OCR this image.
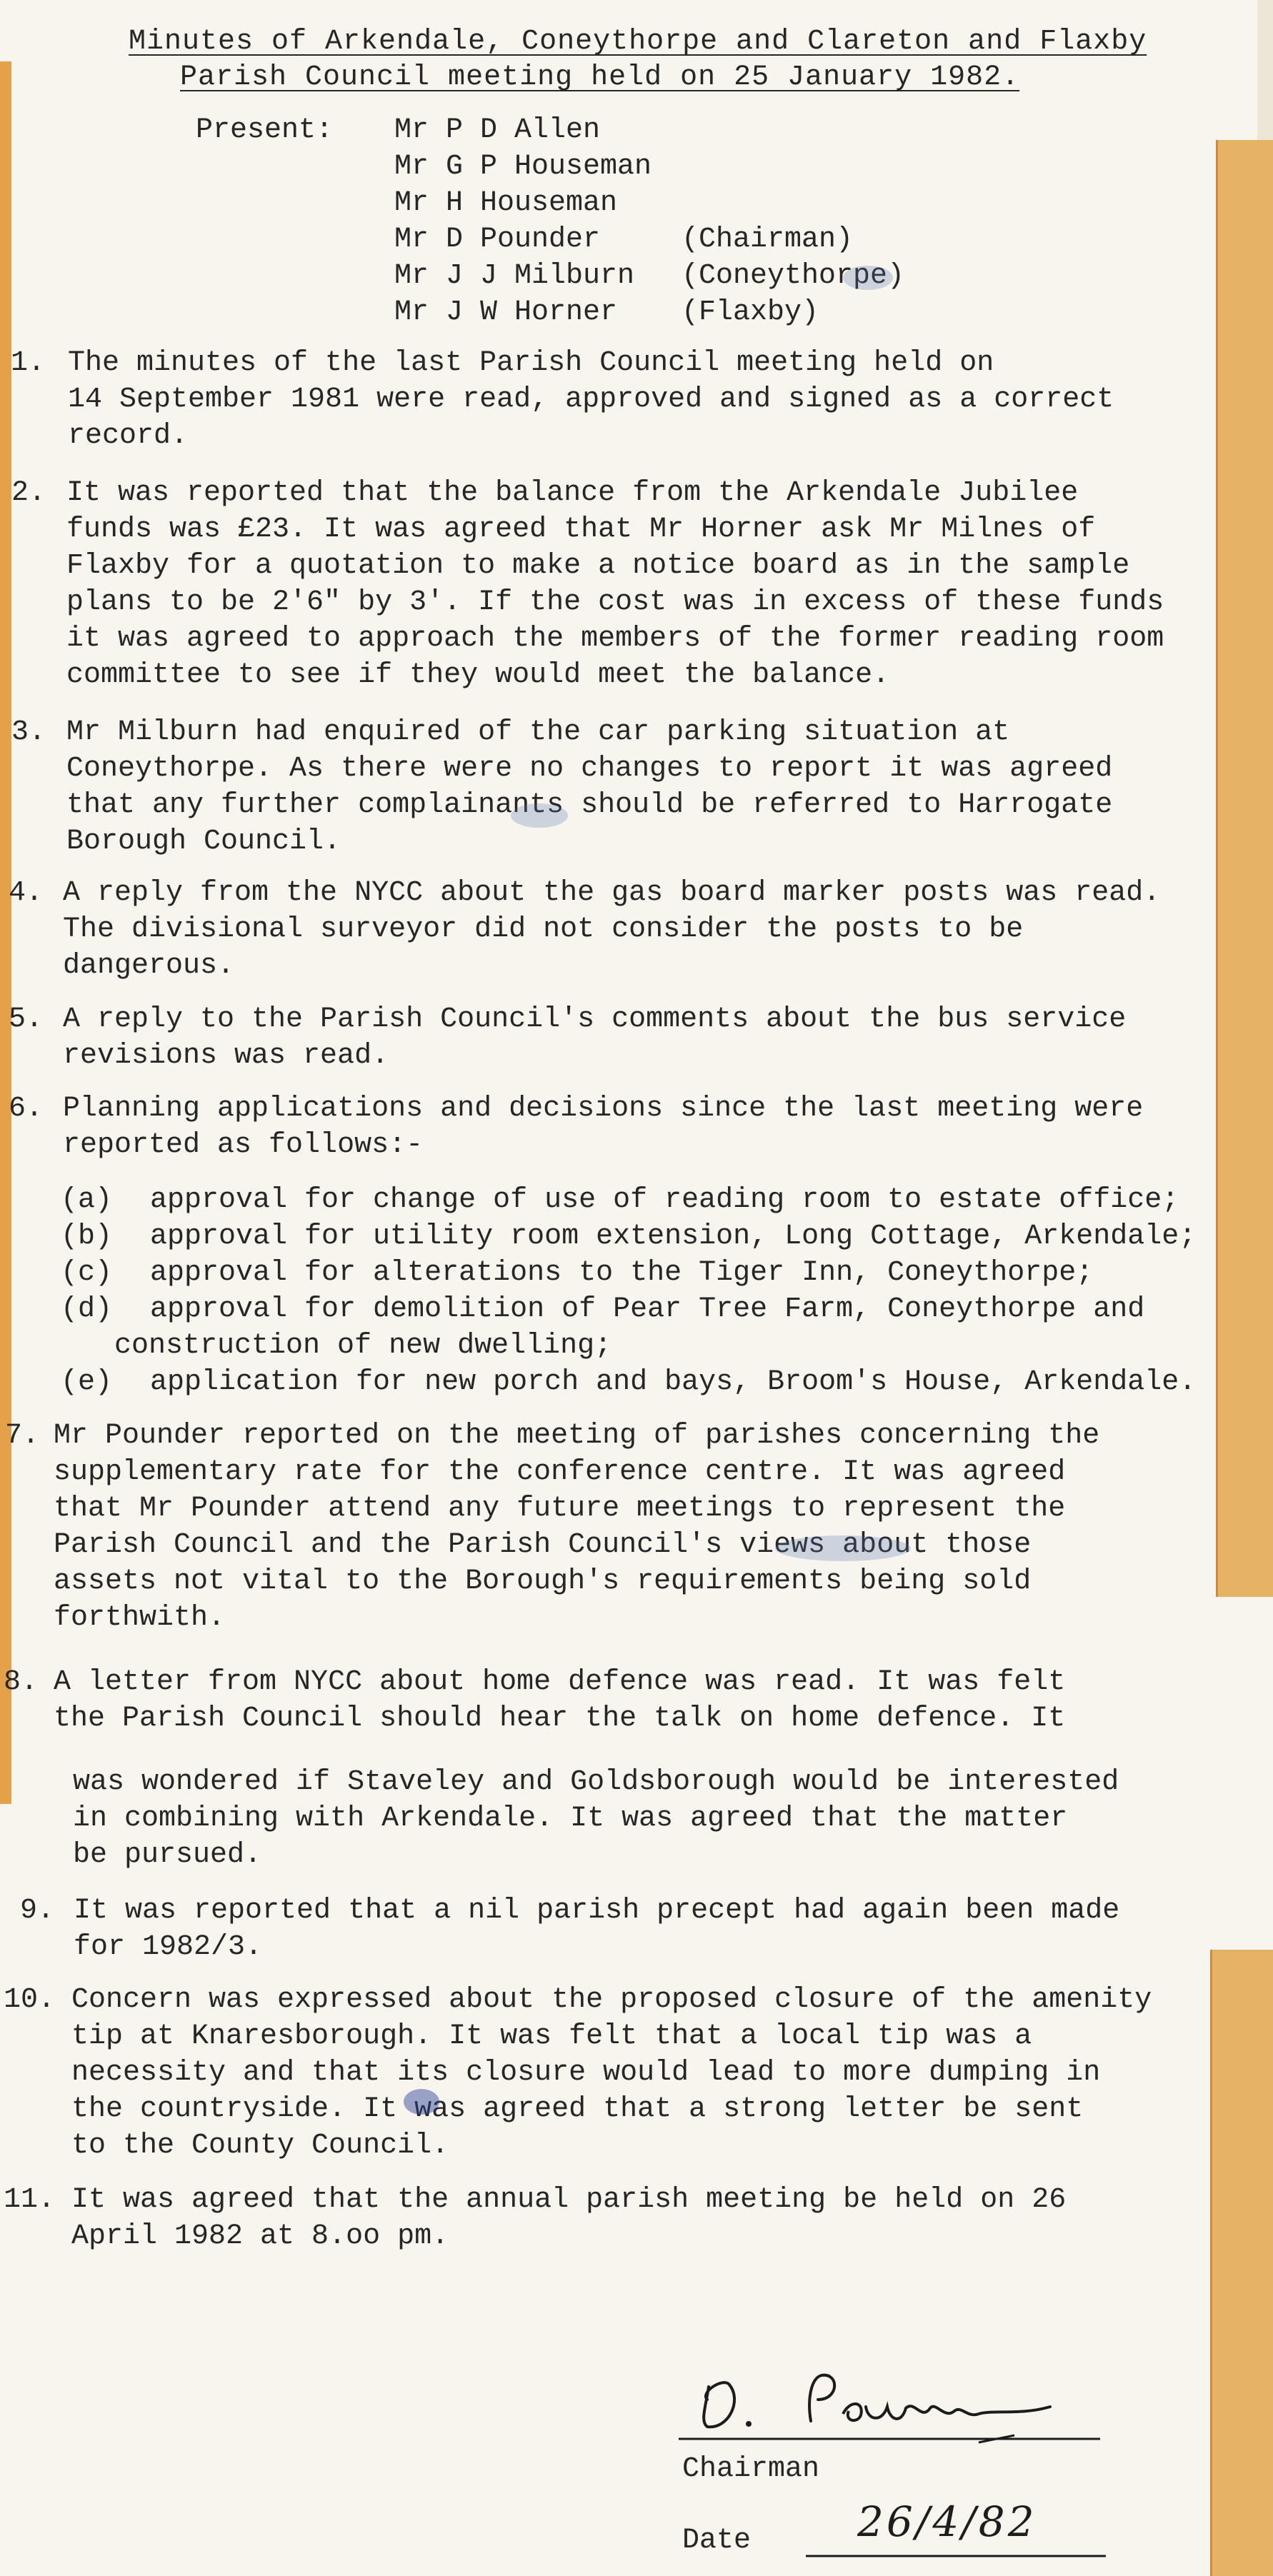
Minutes of Arkendale, Coneythorpe and Clareton and Flaxby
Parish Council meeting held on 25 January 1982.
Present: Mr P D Allen
Mr G P Houseman
Mr H Houseman
Mr D Pounder	(Chairman)
Mr J J Milburn (Coneythorpe)
Mr J W Horner (Flaxby)
1. The minutes of the last Parish Council meeting held on
14 September 1981 were read, approved and signed as a correct
record.
2. It was reported that the balance from the Arkendale Jubilee
funds was £23. It was agreed that Mr Horner ask Mr Milnes of
Flaxby for a quotation to make a notice board as in the sample
plans to be 2'6" by 3'. If the cost was in excess of these funds
it was agreed to approach the members of the former reading room
committee to see if they would meet the balance.
3. Mr Milburn had enquired of the car parking situation at
Coneythorpe. As there were no changes to report it was agreed
that any further complainants should be referred to Harrogate
Borough Council.
4. A reply from the NYCC about the gas board marker posts was read.
The divisional surveyor did not consider the posts to be
dangerous.
5. A reply to the Parish Council's comments about the bus service
revisions was read.
6. Planning applications and decisions since the last meeting were
reported as follows:-
(a) approval for change of use of reading room to estate office;
(b) approval for utility room extension, Long Cottage, Arkendale;
(c) approval for alterations to the Tiger Inn, Coneythorpe;
(d) approval for demolition of Pear Tree Farm, Coneythorpe and
construction of new dwelling;
(e) application for new porch and bays, Broom's House, Arkendale.
7. Mr Pounder reported on the meeting of parishes concerning the
supplementary rate for the conference centre. It was agreed
that Mr Pounder attend any future meetings to represent the
Parish Council and the Parish Council's views about those
assets not vital to the Borough's requirements being sold
forthwith.
8. A letter from NYCC about home defence was read. It was felt
the Parish Council should hear the talk on home defence. It
was wondered if Staveley and Goldsborough would be interested
in combining with Arkendale. It was agreed that the matter
be pursued.
9. It was reported that a nil parish precept had again been made
for 1982/3.
10. Concern was expressed about the proposed closure of the amenity
tip at Knaresborough. It was felt that a local tip was a
necessity and that its closure would lead to more dumping in
the countryside. It was agreed that a strong letter be sent
to the County Council.
11. It was agreed that the annual parish meeting be held on 26
April 1982 at 8.oo pm.
Chairman
Date	26/4/82
